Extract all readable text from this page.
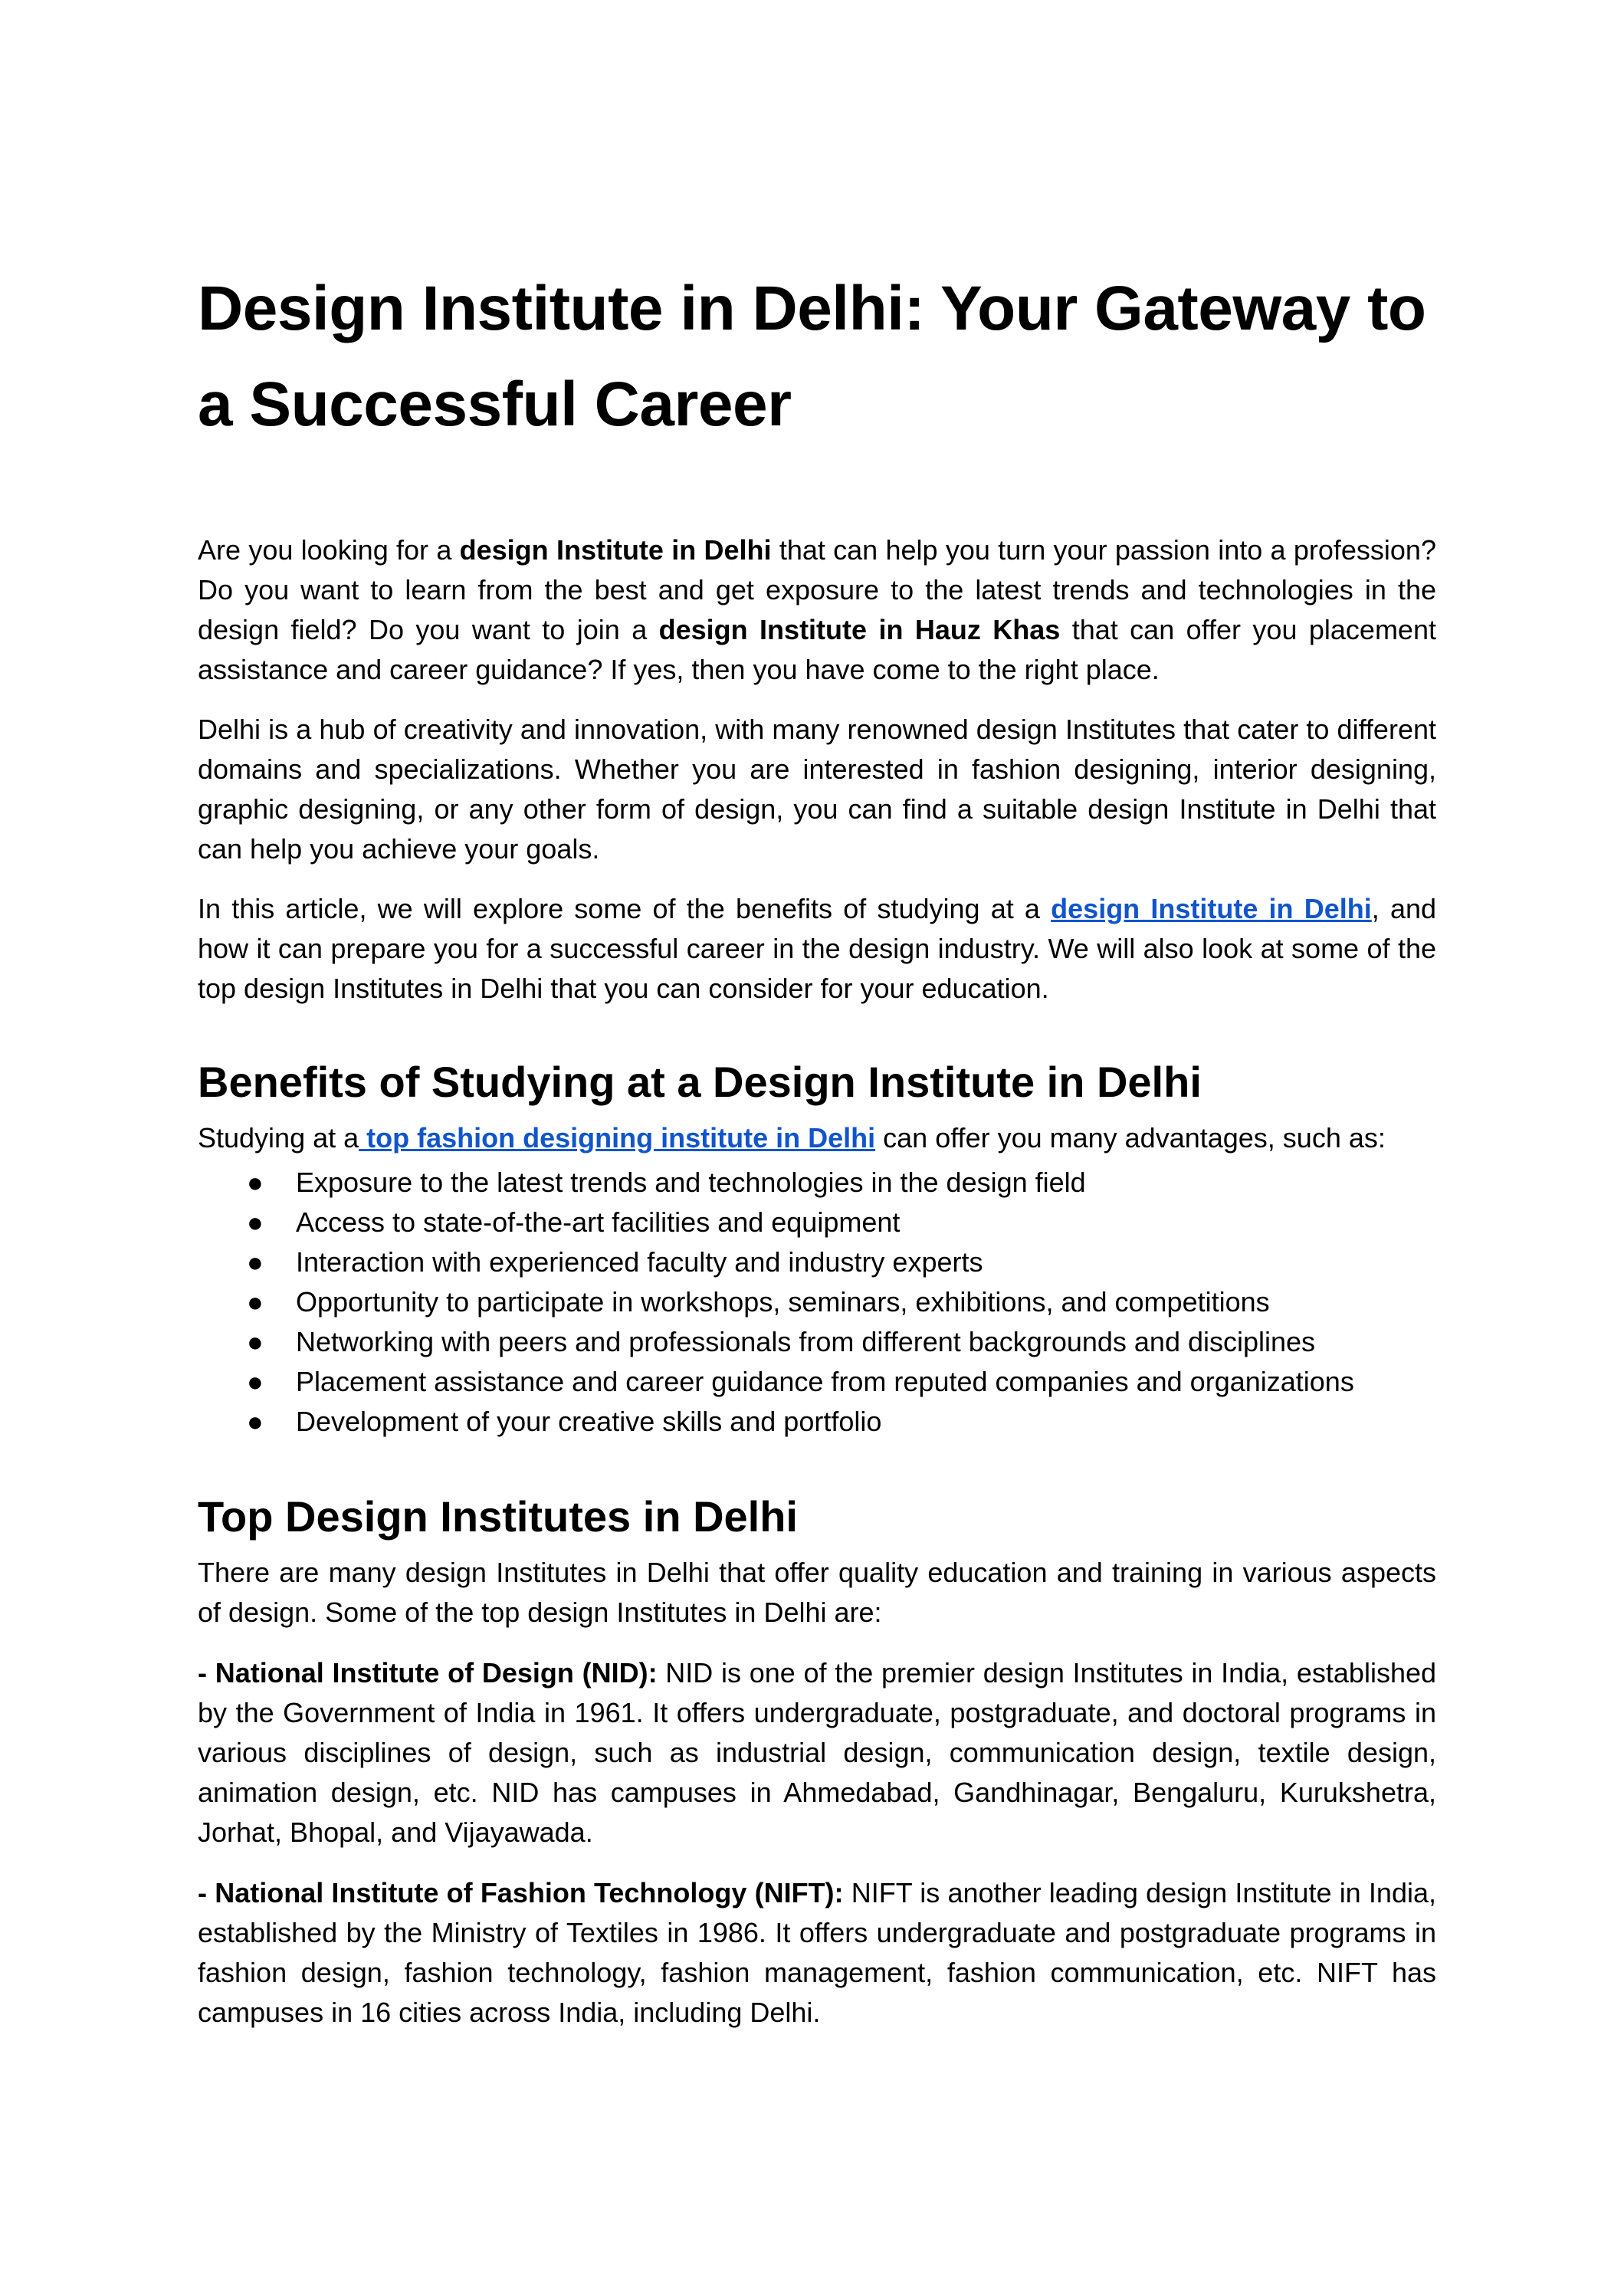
Design Institute in Delhi: Your Gateway to a Successful Career

Are you looking for a design Institute in Delhi that can help you turn your passion into a profession? Do you want to learn from the best and get exposure to the latest trends and technologies in the design field? Do you want to join a design Institute in Hauz Khas that can offer you placement assistance and career guidance? If yes, then you have come to the right place.

Delhi is a hub of creativity and innovation, with many renowned design Institutes that cater to different domains and specializations. Whether you are interested in fashion designing, interior designing, graphic designing, or any other form of design, you can find a suitable design Institute in Delhi that can help you achieve your goals.

In this article, we will explore some of the benefits of studying at a design Institute in Delhi, and how it can prepare you for a successful career in the design industry. We will also look at some of the top design Institutes in Delhi that you can consider for your education.

Benefits of Studying at a Design Institute in Delhi

Studying at a top fashion designing institute in Delhi can offer you many advantages, such as:

● Exposure to the latest trends and technologies in the design field
● Access to state-of-the-art facilities and equipment
● Interaction with experienced faculty and industry experts
● Opportunity to participate in workshops, seminars, exhibitions, and competitions
● Networking with peers and professionals from different backgrounds and disciplines
● Placement assistance and career guidance from reputed companies and organizations
● Development of your creative skills and portfolio
Top Design Institutes in Delhi

There are many design Institutes in Delhi that offer quality education and training in various aspects of design. Some of the top design Institutes in Delhi are:

- National Institute of Design (NID): NID is one of the premier design Institutes in India, established by the Government of India in 1961. It offers undergraduate, postgraduate, and doctoral programs in various disciplines of design, such as industrial design, communication design, textile design, animation design, etc. NID has campuses in Ahmedabad, Gandhinagar, Bengaluru, Kurukshetra, Jorhat, Bhopal, and Vijayawada.

- National Institute of Fashion Technology (NIFT): NIFT is another leading design Institute in India, established by the Ministry of Textiles in 1986. It offers undergraduate and postgraduate programs in fashion design, fashion technology, fashion management, fashion communication, etc. NIFT has campuses in 16 cities across India, including Delhi.
